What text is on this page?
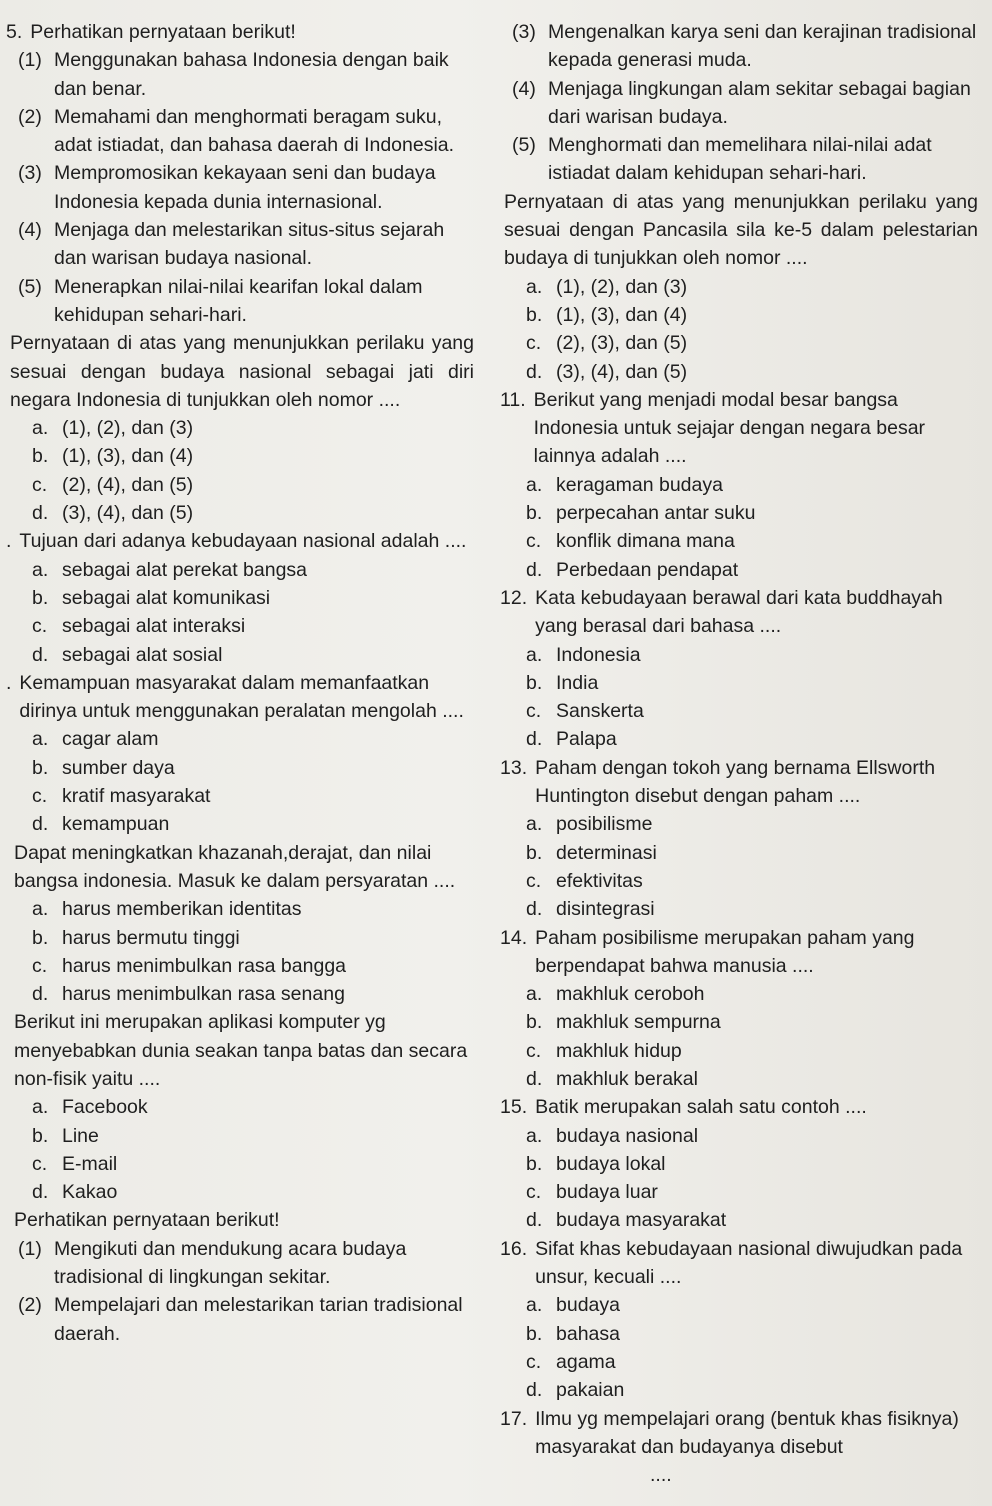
5. Perhatikan pernyataan berikut!
(1) Menggunakan bahasa Indonesia dengan baik dan benar.
(2) Memahami dan menghormati beragam suku, adat istiadat, dan bahasa daerah di Indonesia.
(3) Mempromosikan kekayaan seni dan budaya Indonesia kepada dunia internasional.
(4) Menjaga dan melestarikan situs-situs sejarah dan warisan budaya nasional.
(5) Menerapkan nilai-nilai kearifan lokal dalam kehidupan sehari-hari.
Pernyataan di atas yang menunjukkan perilaku yang sesuai dengan budaya nasional sebagai jati diri negara Indonesia di tunjukkan oleh nomor ....
a. (1), (2), dan (3)
b. (1), (3), dan (4)
c. (2), (4), dan (5)
d. (3), (4), dan (5)
. Tujuan dari adanya kebudayaan nasional adalah ....
a. sebagai alat perekat bangsa
b. sebagai alat komunikasi
c. sebagai alat interaksi
d. sebagai alat sosial
. Kemampuan masyarakat dalam memanfaatkan dirinya untuk menggunakan peralatan mengolah ....
a. cagar alam
b. sumber daya
c. kratif masyarakat
d. kemampuan
Dapat meningkatkan khazanah,derajat, dan nilai bangsa indonesia. Masuk ke dalam persyaratan ....
a. harus memberikan identitas
b. harus bermutu tinggi
c. harus menimbulkan rasa bangga
d. harus menimbulkan rasa senang
Berikut ini merupakan aplikasi komputer yg menyebabkan dunia seakan tanpa batas dan secara non-fisik yaitu ....
a. Facebook
b. Line
c. E-mail
d. Kakao
Perhatikan pernyataan berikut!
(1) Mengikuti dan mendukung acara budaya tradisional di lingkungan sekitar.
(2) Mempelajari dan melestarikan tarian tradisional daerah.
(3) Mengenalkan karya seni dan kerajinan tradisional kepada generasi muda.
(4) Menjaga lingkungan alam sekitar sebagai bagian dari warisan budaya.
(5) Menghormati dan memelihara nilai-nilai adat istiadat dalam kehidupan sehari-hari.
Pernyataan di atas yang menunjukkan perilaku yang sesuai dengan Pancasila sila ke-5 dalam pelestarian budaya di tunjukkan oleh nomor ....
a. (1), (2), dan (3)
b. (1), (3), dan (4)
c. (2), (3), dan (5)
d. (3), (4), dan (5)
11. Berikut yang menjadi modal besar bangsa Indonesia untuk sejajar dengan negara besar lainnya adalah ....
a. keragaman budaya
b. perpecahan antar suku
c. konflik dimana mana
d. Perbedaan pendapat
12. Kata kebudayaan berawal dari kata buddhayah yang berasal dari bahasa ....
a. Indonesia
b. India
c. Sanskerta
d. Palapa
13. Paham dengan tokoh yang bernama Ellsworth Huntington disebut dengan paham ....
a. posibilisme
b. determinasi
c. efektivitas
d. disintegrasi
14. Paham posibilisme merupakan paham yang berpendapat bahwa manusia ....
a. makhluk ceroboh
b. makhluk sempurna
c. makhluk hidup
d. makhluk berakal
15. Batik merupakan salah satu contoh ....
a. budaya nasional
b. budaya lokal
c. budaya luar
d. budaya masyarakat
16. Sifat khas kebudayaan nasional diwujudkan pada unsur, kecuali ....
a. budaya
b. bahasa
c. agama
d. pakaian
17. Ilmu yg mempelajari orang (bentuk khas fisiknya) masyarakat dan budayanya disebut
....
